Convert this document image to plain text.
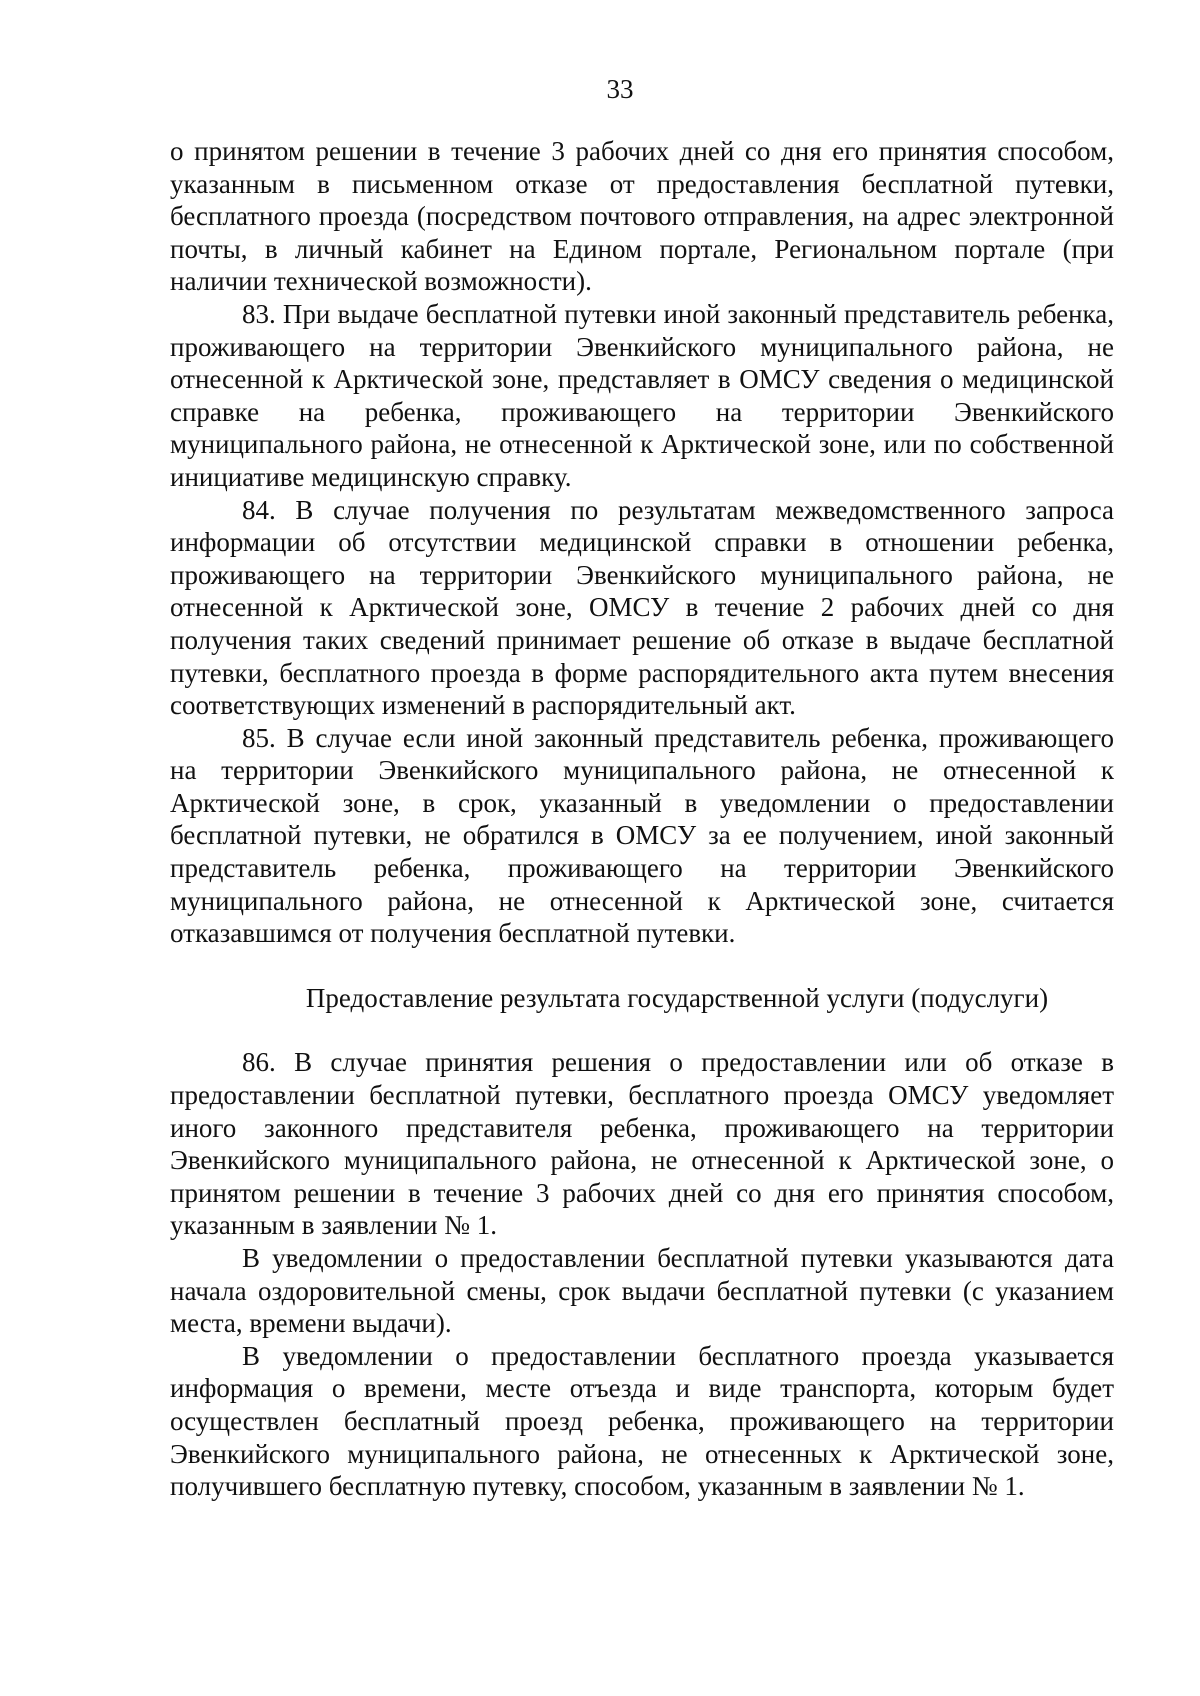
33

о принятом решении в течение 3 рабочих дней со дня его принятия способом, указанным в письменном отказе от предоставления бесплатной путевки, бесплатного проезда (посредством почтового отправления, на адрес электронной почты, в личный кабинет на Едином портале, Региональном портале (при наличии технической возможности).

83. При выдаче бесплатной путевки иной законный представитель ребенка, проживающего на территории Эвенкийского муниципального района, не отнесенной к Арктической зоне, представляет в ОМСУ сведения о медицинской справке на ребенка, проживающего на территории Эвенкийского муниципального района, не отнесенной к Арктической зоне, или по собственной инициативе медицинскую справку.

84. В случае получения по результатам межведомственного запроса информации об отсутствии медицинской справки в отношении ребенка, проживающего на территории Эвенкийского муниципального района, не отнесенной к Арктической зоне, ОМСУ в течение 2 рабочих дней со дня получения таких сведений принимает решение об отказе в выдаче бесплатной путевки, бесплатного проезда в форме распорядительного акта путем внесения соответствующих изменений в распорядительный акт.

85. В случае если иной законный представитель ребенка, проживающего на территории Эвенкийского муниципального района, не отнесенной к Арктической зоне, в срок, указанный в уведомлении о предоставлении бесплатной путевки, не обратился в ОМСУ за ее получением, иной законный представитель ребенка, проживающего на территории Эвенкийского муниципального района, не отнесенной к Арктической зоне, считается отказавшимся от получения бесплатной путевки.

Предоставление результата государственной услуги (подуслуги)

86. В случае принятия решения о предоставлении или об отказе в предоставлении бесплатной путевки, бесплатного проезда ОМСУ уведомляет иного законного представителя ребенка, проживающего на территории Эвенкийского муниципального района, не отнесенной к Арктической зоне, о принятом решении в течение 3 рабочих дней со дня его принятия способом, указанным в заявлении № 1.

В уведомлении о предоставлении бесплатной путевки указываются дата начала оздоровительной смены, срок выдачи бесплатной путевки (с указанием места, времени выдачи).

В уведомлении о предоставлении бесплатного проезда указывается информация о времени, месте отъезда и виде транспорта, которым будет осуществлен бесплатный проезд ребенка, проживающего на территории Эвенкийского муниципального района, не отнесенных к Арктической зоне, получившего бесплатную путевку, способом, указанным в заявлении № 1.
